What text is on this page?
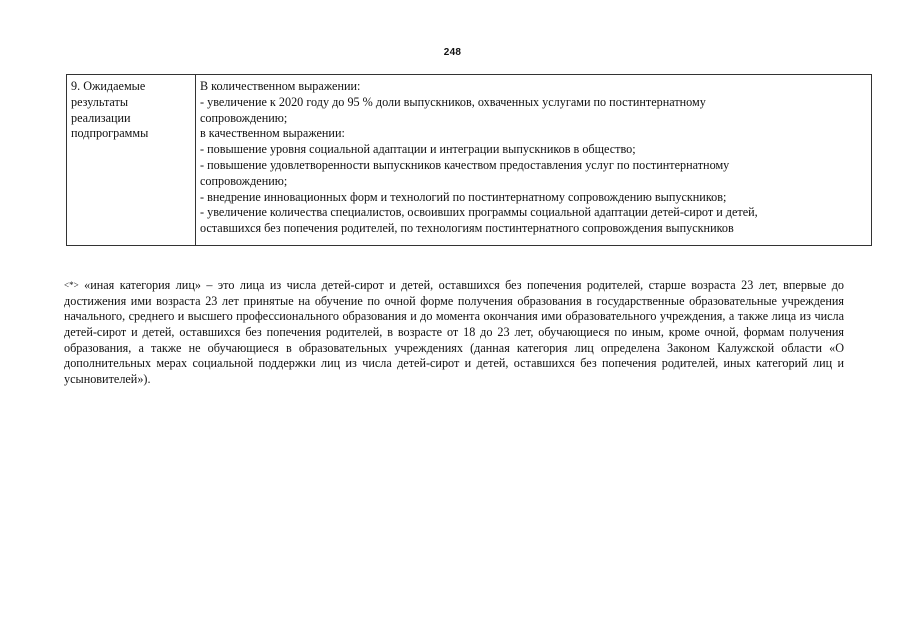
248
9. Ожидаемые
результаты
реализации
подпрограммы

В количественном выражении:
- увеличение к 2020 году до 95 % доли выпускников, охваченных услугами по постинтернатному
сопровождению;
в качественном выражении:
- повышение уровня социальной адаптации и интеграции выпускников в общество;
- повышение удовлетворенности выпускников качеством предоставления услуг по постинтернатному
сопровождению;
- внедрение инновационных форм и технологий по постинтернатному сопровождению выпускников;
- увеличение количества специалистов, освоивших программы социальной адаптации детей-сирот и детей,
оставшихся без попечения родителей, по технологиям постинтернатного сопровождения выпускников

<*> «иная категория лиц» – это лица из числа детей-сирот и детей, оставшихся без попечения родителей, старше возраста 23 лет, впервые до достижения ими возраста 23 лет принятые на обучение по очной форме получения образования в государственные образовательные учреждения начального, среднего и высшего профессионального образования и до момента окончания ими образовательного учреждения, а также лица из числа детей-сирот и детей, оставшихся без попечения родителей, в возрасте от 18 до 23 лет, обучающиеся по иным, кроме очной, формам получения образования, а также не обучающиеся в образовательных учреждениях (данная категория лиц определена Законом Калужской области «О дополнительных мерах социальной поддержки лиц из числа детей-сирот и детей, оставшихся без попечения родителей, иных категорий лиц и усыновителей»).
